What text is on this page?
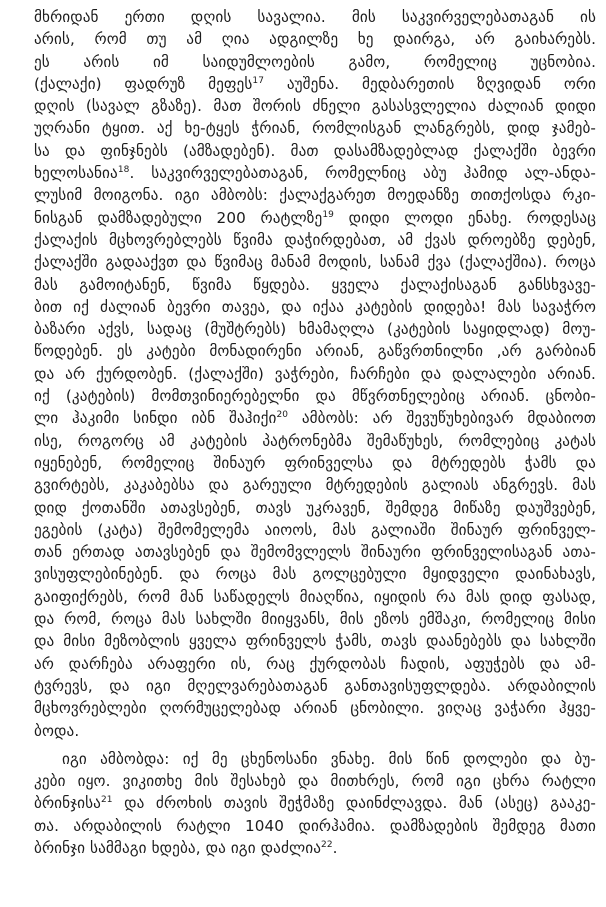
მხრიდან ერთი დღის სავალია. მის საკვირველებათაგან ის
არის, რომ თუ ამ ღია ადგილზე ხე დაირგა, არ გაიხარებს.
ეს არის იმ საიდუმლოების გამო, რომელიც უცნობია.
(ქალაქი) ფადრუზ მეფეს$^{17}$ აუშენა. მედბარეთის ზღვიდან ორი
დღის (სავალ გზაზე). მათ შორის ძნელი გასასვლელია ძალიან დიდი
უღრანი ტყით. აქ ხე-ტყეს ჭრიან, რომლისგან ლანგრებს, დიდ ჯამებ-
სა და ფინჯნებს (ამზადებენ). მათ დასამზადებლად ქალაქში ბევრი
ხელოსანია$^{18}$. საკვირველებათაგან, რომელნიც აბუ ჰამიდ ალ-ანდა-
ლუსიმ მოიგონა. იგი ამბობს: ქალაქგარეთ მოედანზე თითქოსდა რკი-
ნისგან დამზადებული 200 რატლზე$^{19}$ დიდი ლოდი ენახე. როდესაც
ქალაქის მცხოვრებლებს წვიმა დაჭირდებათ, ამ ქვას დროებზე დებენ,
ქალაქში გადააქვთ და წვიმაც მანამ მოდის, სანამ ქვა (ქალაქშია). როცა
მას გამოიტანენ, წვიმა წყდება. ყველა ქალაქისაგან განსხვავე-
ბით იქ ძალიან ბევრი თავეა, და იქაა კატების დიდება! მას სავაჭრო
ბაზარი აქვს, სადაც (მუშტრებს) ხმამაღლა (კატების საყიდლად) მოუ-
წოდებენ. ეს კატები მონადირენი არიან, გაწვრთნილნი ,არ გარბიან
და არ ქურდობენ. (ქალაქში) ვაჭრები, ჩარჩები და დალალები არიან.
იქ (კატების) მომთვინიერებელნი და მწვრთნელებიც არიან. ცნობი-
ლი ჰაკიმი სინდი იბნ შაჰიქი$^{20}$ ამბობს: არ შევუწუხებივარ მდაბიოთ
ისე, როგორც ამ კატების პატრონებმა შემაწუხეს, რომლებიც კატას
იყენებენ, რომელიც შინაურ ფრინველსა და მტრედებს ჭამს და
გვირტებს, კაკაბებსა და გარეული მტრედების გალიას ანგრევს. მას
დიდ ქოთანში ათავსებენ, თავს უკრავენ, შემდეგ მიწაზე დაუშვებენ,
ეგების (კატა) შემომელემა აიოოს, მას გალიაში შინაურ ფრინველ-
თან ერთად ათავსებენ და შემომვლელს შინაური ფრინველისაგან ათა-
ვისუფლებინებენ. და როცა მას გოლცებული მყიდველი დაინახავს,
გაიფიქრებს, რომ მან საწადელს მიაღწია, იყიდის რა მას დიდ ფასად,
და რომ, როცა მას სახლში მიიყვანს, მის ეზოს ემშაკი, რომელიც მისი
და მისი მეზობლის ყველა ფრინველს ჭამს, თავს დაანებებს და სახლში
არ დარჩება არაფერი ის, რაც ქურდობას ჩადის, აფუჭებს და ამ-
ტვრევს, და იგი მღელვარებათაგან განთავისუფლდება. არდაბილის
მცხოვრებლები ღორმუცელებად არიან ცნობილი. ვიღაც ვაჭარი ჰყვე-
ბოდა.
იგი ამბობდა: იქ მე ცხენოსანი ვნახე. მის წინ დოლები და ბუ-
კები იყო. ვიკითხე მის შესახებ და მითხრეს, რომ იგი ცხრა რატლი
ბრინჯისა$^{21}$ და ძროხის თავის შეჭმაზე დაინძლავდა. მან (ასეც) გააკე-
თა. არდაბილის რატლი 1040 დირჰამია. დამზადების შემდეგ მათი
ბრინჯი სამმაგი ხდება, და იგი დაძლია$^{22}$.
